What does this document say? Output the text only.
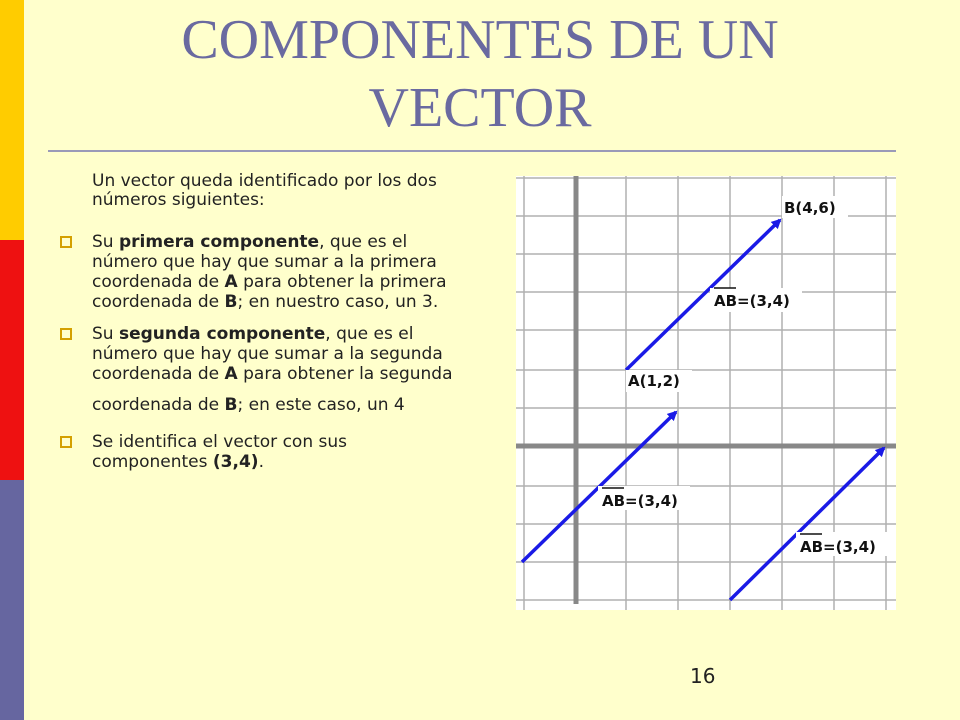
COMPONENTES DE UN
VECTOR

Un vector queda identificado por los dos números siguientes:

Su primera componente, que es el número que hay que sumar a la primera coordenada de A para obtener la primera coordenada de B; en nuestro caso, un 3.
Su segunda componente, que es el número que hay que sumar a la segunda coordenada de A para obtener la segunda
coordenada de B; en este caso, un 4
Se identifica el vector con sus componentes (3,4).
B(4,6)
A(1,2)
AB=(3,4)
AB=(3,4)
AB=(3,4)
16
